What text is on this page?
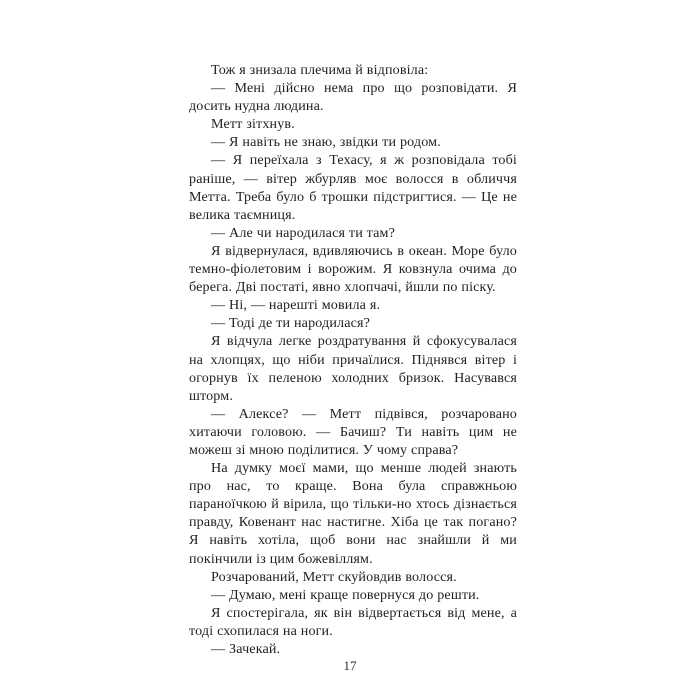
Тож я знизала плечима й відповіла:

— Мені дійсно нема про що розповідати. Я досить нудна людина.

Метт зітхнув.

— Я навіть не знаю, звідки ти родом.

— Я переїхала з Техасу, я ж розповідала тобі раніше, — вітер жбурляв моє волосся в обличчя Метта. Треба було б трошки підстригтися. — Це не велика таємниця.

— Але чи народилася ти там?

Я відвернулася, вдивляючись в океан. Море було темно-фіолетовим і ворожим. Я ковзнула очима до берега. Дві постаті, явно хлопчачі, йшли по піску.

— Ні, — нарешті мовила я.

— Тоді де ти народилася?

Я відчула легке роздратування й сфокусувалася на хлопцях, що ніби причаїлися. Піднявся вітер і огорнув їх пеленою холодних бризок. Насувався шторм.

— Алексе? — Метт підвівся, розчаровано хитаючи головою. — Бачиш? Ти навіть цим не можеш зі мною поділитися. У чому справа?

На думку моєї мами, що менше людей знають про нас, то краще. Вона була справжньою параноїчкою й вірила, що тільки-но хтось дізнається правду, Ковенант нас настигне. Хіба це так погано? Я навіть хотіла, щоб вони нас знайшли й ми покінчили із цим божевіллям.

Розчарований, Метт скуйовдив волосся.

— Думаю, мені краще повернуся до решти.

Я спостерігала, як він відвертається від мене, а тоді схопилася на ноги.

— Зачекай.

17
